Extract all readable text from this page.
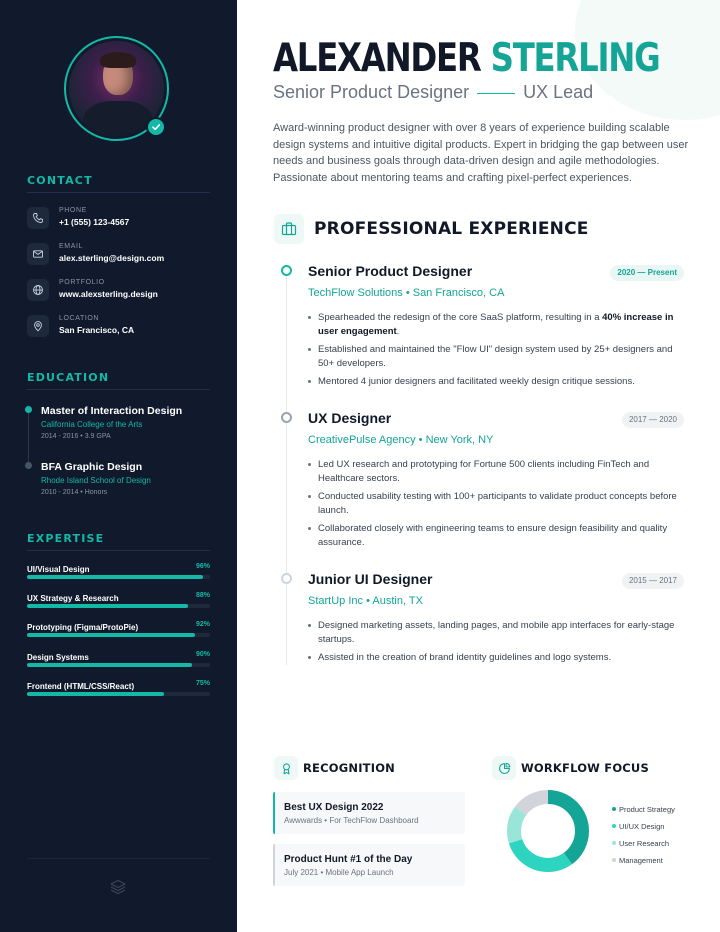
CONTACT
PHONE
+1 (555) 123-4567
EMAIL
alex.sterling@design.com
PORTFOLIO
www.alexsterling.design
LOCATION
San Francisco, CA
EDUCATION
Master of Interaction Design
California College of the Arts
2014 - 2016 • 3.9 GPA
BFA Graphic Design
Rhode Island School of Design
2010 - 2014 • Honors
EXPERTISE
UI/Visual Design	96%
UX Strategy & Research	88%
Prototyping (Figma/ProtoPie)	92%
Design Systems	90%
Frontend (HTML/CSS/React)	75%
ALEXANDER STERLING
Senior Product Designer	UX Lead

Award-winning product designer with over 8 years of experience building scalable design systems and intuitive digital products. Expert in bridging the gap between user needs and business goals through data-driven design and agile methodologies. Passionate about mentoring teams and crafting pixel-perfect experiences.

PROFESSIONAL EXPERIENCE
Senior Product Designer	2020 — Present
TechFlow Solutions • San Francisco, CA
Spearheaded the redesign of the core SaaS platform, resulting in a 40% increase in user engagement.
Established and maintained the "Flow UI" design system used by 25+ designers and 50+ developers.
Mentored 4 junior designers and facilitated weekly design critique sessions.
UX Designer	2017 — 2020
CreativePulse Agency • New York, NY
Led UX research and prototyping for Fortune 500 clients including FinTech and Healthcare sectors.
Conducted usability testing with 100+ participants to validate product concepts before launch.
Collaborated closely with engineering teams to ensure design feasibility and quality assurance.
Junior UI Designer	2015 — 2017
StartUp Inc • Austin, TX
Designed marketing assets, landing pages, and mobile app interfaces for early-stage startups.
Assisted in the creation of brand identity guidelines and logo systems.
RECOGNITION
Best UX Design 2022
Awwwards • For TechFlow Dashboard
Product Hunt #1 of the Day
July 2021 • Mobile App Launch
WORKFLOW FOCUS
Product Strategy
UI/UX Design
User Research
Management
